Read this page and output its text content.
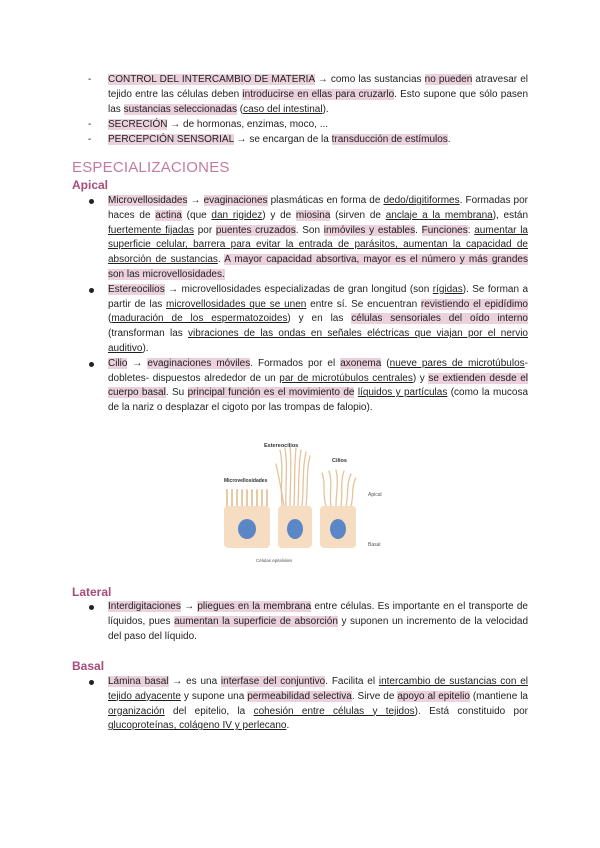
- CONTROL DEL INTERCAMBIO DE MATERIA → como las sustancias no pueden atravesar el tejido entre las células deben introducirse en ellas para cruzarlo. Esto supone que sólo pasen las sustancias seleccionadas (caso del intestinal).
- SECRECIÓN → de hormonas, enzimas, moco, ...
- PERCEPCIÓN SENSORIAL → se encargan de la transducción de estímulos.
ESPECIALIZACIONES
Apical
Microvellosidades → evaginaciones plasmáticas en forma de dedo/digitiformes. Formadas por haces de actina (que dan rigidez) y de miosina (sirven de anclaje a la membrana), están fuertemente fijadas por puentes cruzados. Son inmóviles y estables. Funciones: aumentar la superficie celular, barrera para evitar la entrada de parásitos, aumentan la capacidad de absorción de sustancias. A mayor capacidad absortiva, mayor es el número y más grandes son las microvellosidades.
Estereocilios → microvellosidades especializadas de gran longitud (son rígidas). Se forman a partir de las microvellosidades que se unen entre sí. Se encuentran revistiendo el epidídimo (maduración de los espermatozoides) y en las células sensoriales del oído interno (transforman las vibraciones de las ondas en señales eléctricas que viajan por el nervio auditivo).
Cilio → evaginaciones móviles. Formados por el axonema (nueve pares de microtúbulos-dobletes- dispuestos alrededor de un par de microtúbulos centrales) y se extienden desde el cuerpo basal. Su principal función es el movimiento de líquidos y partículas (como la mucosa de la nariz o desplazar el cigoto por las trompas de falopio).
Estereocilios
Cilios
Microvellosidades
Apical
Basal
Células epiteliales
Lateral
Interdigitaciones → pliegues en la membrana entre células. Es importante en el transporte de líquidos, pues aumentan la superficie de absorción y suponen un incremento de la velocidad del paso del líquido.
Basal
Lámina basal → es una interfase del conjuntivo. Facilita el intercambio de sustancias con el tejido adyacente y supone una permeabilidad selectiva. Sirve de apoyo al epitelio (mantiene la organización del epitelio, la cohesión entre células y tejidos). Está constituido por glucoproteínas, colágeno IV y perlecano.
